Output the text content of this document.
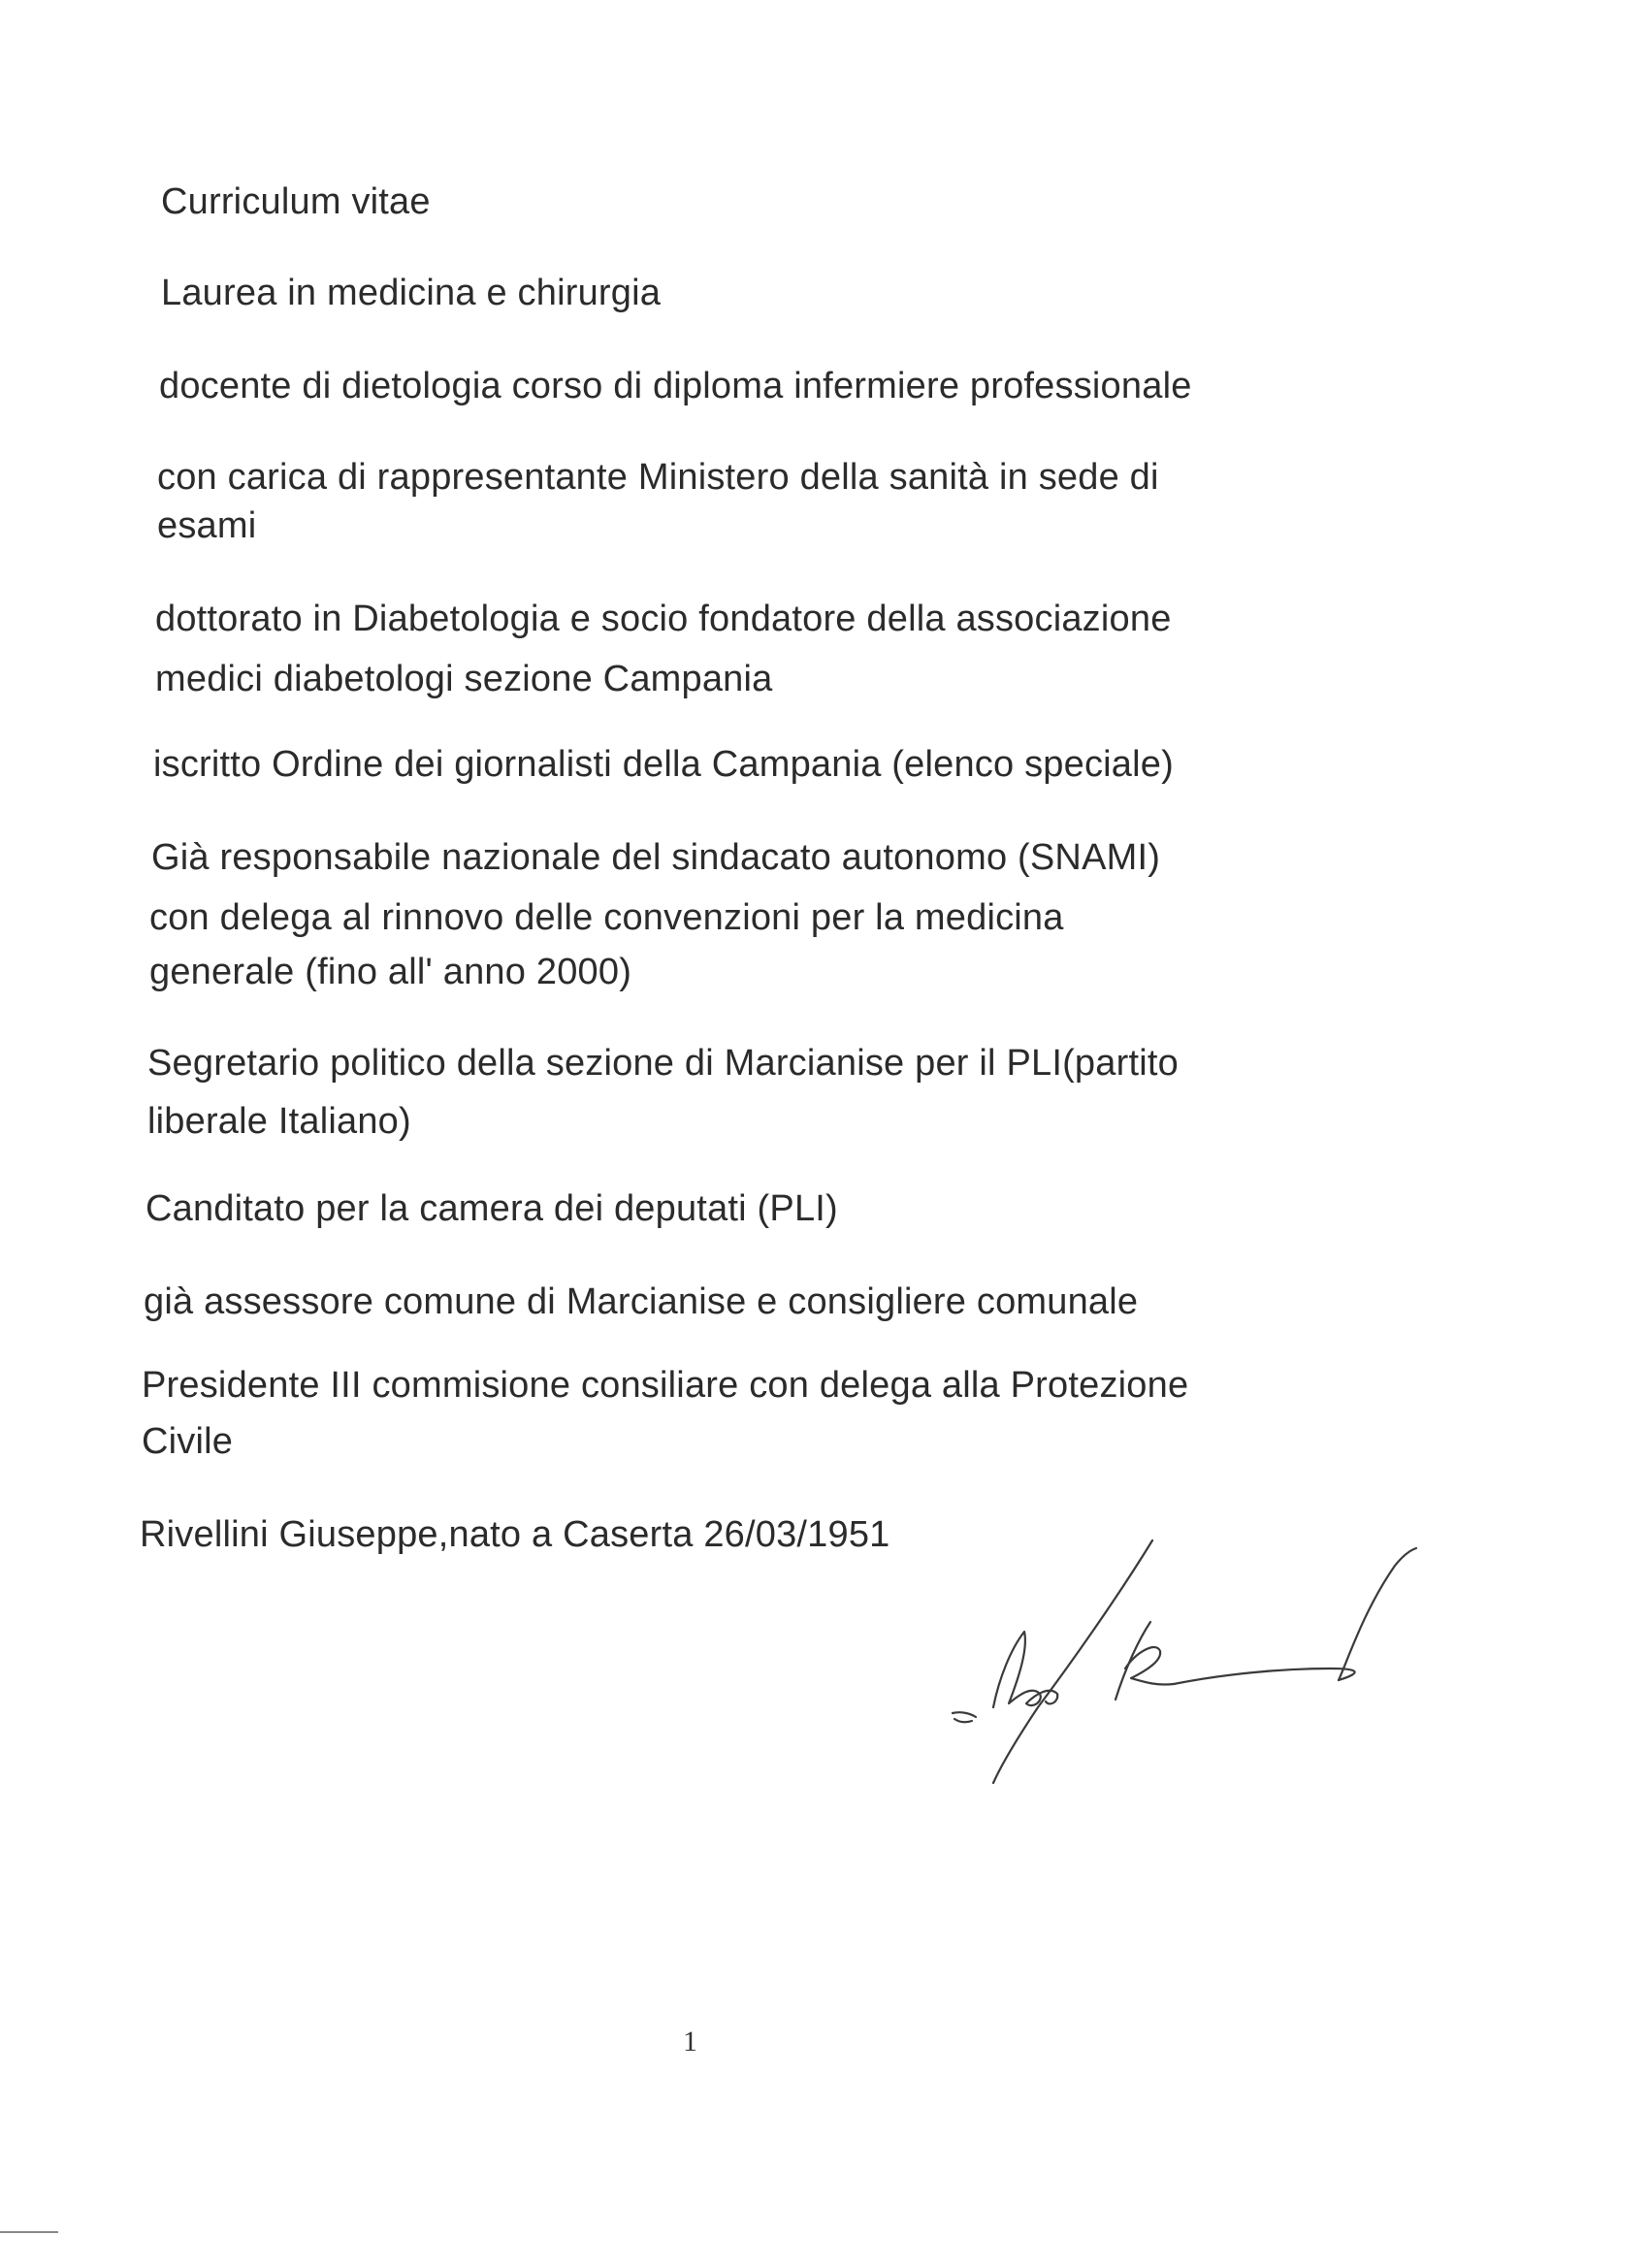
Curriculum vitae
Laurea in medicina e chirurgia
docente di dietologia corso di diploma infermiere professionale
con carica di rappresentante Ministero della sanità in sede di
esami
dottorato in Diabetologia e socio fondatore della associazione
medici diabetologi sezione Campania
iscritto Ordine dei giornalisti della Campania (elenco speciale)
Già responsabile nazionale del sindacato autonomo (SNAMI)
con delega al rinnovo delle convenzioni per la medicina
generale (fino all' anno 2000)
Segretario politico della sezione di Marcianise per il PLI(partito
liberale Italiano)
Canditato per la camera dei deputati (PLI)
già assessore comune di Marcianise e consigliere comunale
Presidente III commisione consiliare con delega alla Protezione
Civile
Rivellini Giuseppe,nato a Caserta 26/03/1951
1
